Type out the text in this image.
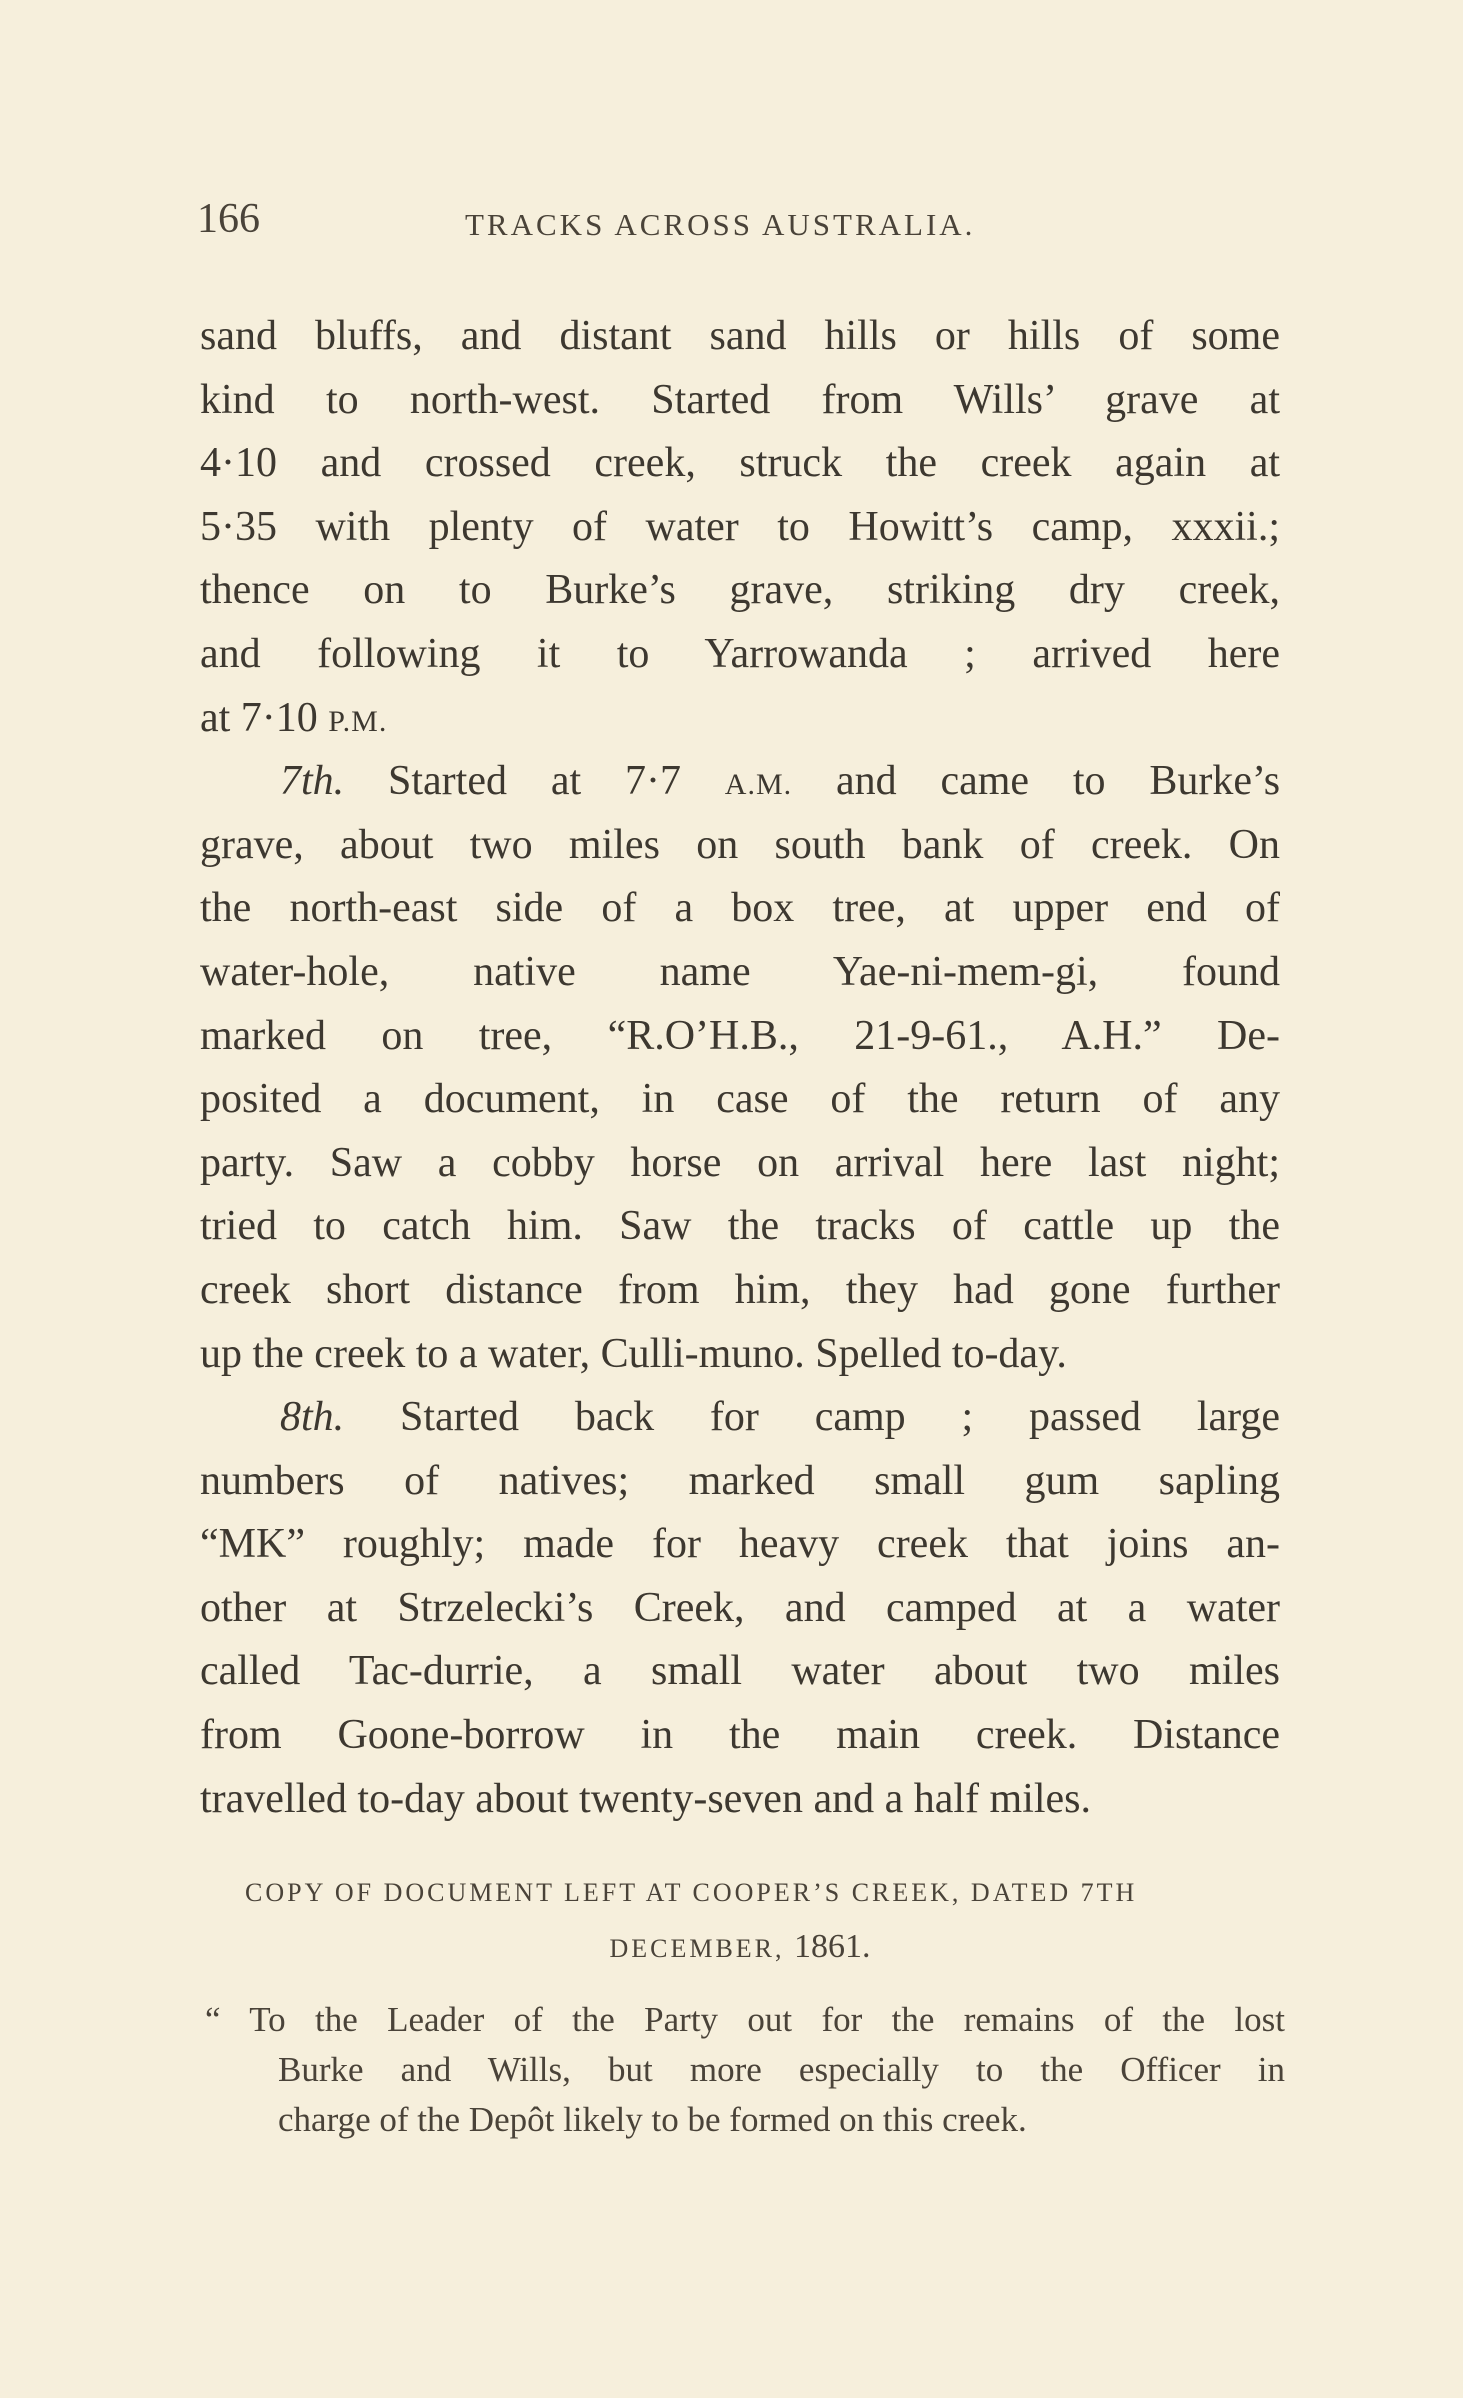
166	TRACKS ACROSS AUSTRALIA.
sand bluffs, and distant sand hills or hills of some
kind to north-west. Started from Wills’ grave at
4·10 and crossed creek, struck the creek again at
5·35 with plenty of water to Howitt’s camp, xxxii.;
thence on to Burke’s grave, striking dry creek,
and following it to Yarrowanda ; arrived here
at 7·10 P.M.
7th. Started at 7·7 A.M. and came to Burke’s
grave, about two miles on south bank of creek. On
the north-east side of a box tree, at upper end of
water-hole, native name Yae-ni-mem-gi, found
marked on tree, “R.O’H.B., 21-9-61., A.H.” De-
posited a document, in case of the return of any
party. Saw a cobby horse on arrival here last night;
tried to catch him. Saw the tracks of cattle up the
creek short distance from him, they had gone further
up the creek to a water, Culli-muno. Spelled to-day.
8th. Started back for camp ; passed large
numbers of natives; marked small gum sapling
“MK” roughly; made for heavy creek that joins an-
other at Strzelecki’s Creek, and camped at a water
called Tac-durrie, a small water about two miles
from Goone-borrow in the main creek. Distance
travelled to-day about twenty-seven and a half miles.
COPY OF DOCUMENT LEFT AT COOPER’S CREEK, DATED 7TH
DECEMBER, 1861.
“ To the Leader of the Party out for the remains of the lost
Burke and Wills, but more especially to the Officer in
charge of the Depôt likely to be formed on this creek.
